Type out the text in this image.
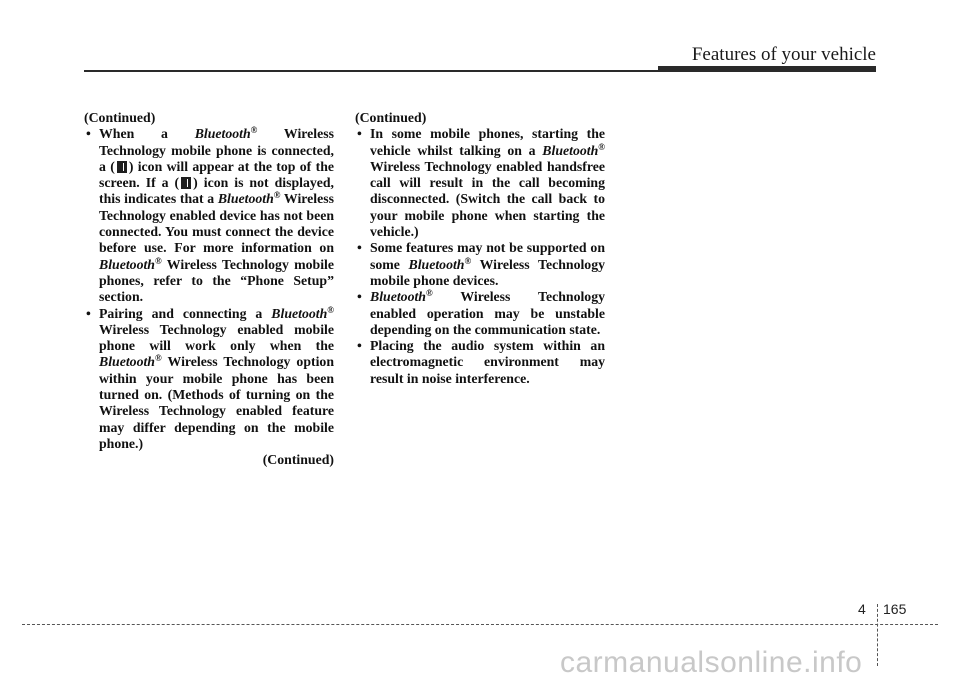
Features of your vehicle

(Continued)

• When a Bluetooth® Wireless Technology mobile phone is connected, a ( ) icon will appear at the top of the screen. If a ( ) icon is not displayed, this indicates that a Bluetooth® Wireless Technology enabled device has not been connected. You must connect the device before use. For more information on Bluetooth® Wireless Technology mobile phones, refer to the “Phone Setup” section.

• Pairing and connecting a Bluetooth® Wireless Technology enabled mobile phone will work only when the Bluetooth® Wireless Technology option within your mobile phone has been turned on. (Methods of turning on the Wireless Technology enabled feature may differ depending on the mobile phone.)

(Continued)

(Continued)

• In some mobile phones, starting the vehicle whilst talking on a Bluetooth® Wireless Technology enabled handsfree call will result in the call becoming disconnected. (Switch the call back to your mobile phone when starting the vehicle.)

• Some features may not be supported on some Bluetooth® Wireless Technology mobile phone devices.

• Bluetooth® Wireless Technology enabled operation may be unstable depending on the communication state.

• Placing the audio system within an electromagnetic environment may result in noise interference.

4 165
carmanualsonline.info
